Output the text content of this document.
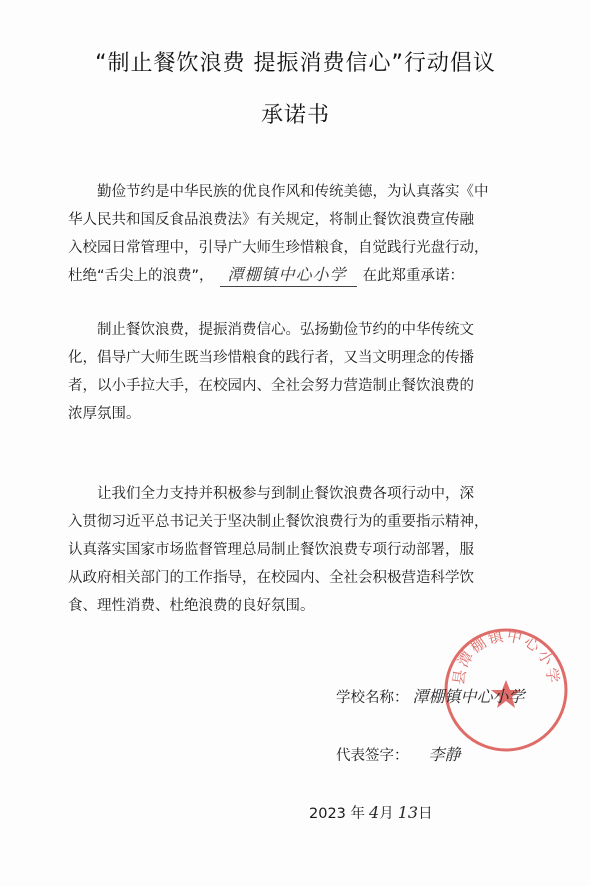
“制止餐饮浪费 提振消费信心”行动倡议
承诺书
勤俭节约是中华民族的优良作风和传统美德，为认真落实《中
华人民共和国反食品浪费法》有关规定，将制止餐饮浪费宣传融
入校园日常管理中，引导广大师生珍惜粮食，自觉践行光盘行动，
杜绝“舌尖上的浪费”， 潭棚镇中心小学 在此郑重承诺：
制止餐饮浪费，提振消费信心。弘扬勤俭节约的中华传统文
化，倡导广大师生既当珍惜粮食的践行者，又当文明理念的传播
者，以小手拉大手，在校园内、全社会努力营造制止餐饮浪费的
浓厚氛围。
让我们全力支持并积极参与到制止餐饮浪费各项行动中，深
入贯彻习近平总书记关于坚决制止餐饮浪费行为的重要指示精神，
认真落实国家市场监督管理总局制止餐饮浪费专项行动部署，服
从政府相关部门的工作指导，在校园内、全社会积极营造科学饮
食、理性消费、杜绝浪费的良好氛围。
县潭棚镇中心小学
学校名称： 潭棚镇中心小学
代表签字： 李静
2023 年 4月 13日
